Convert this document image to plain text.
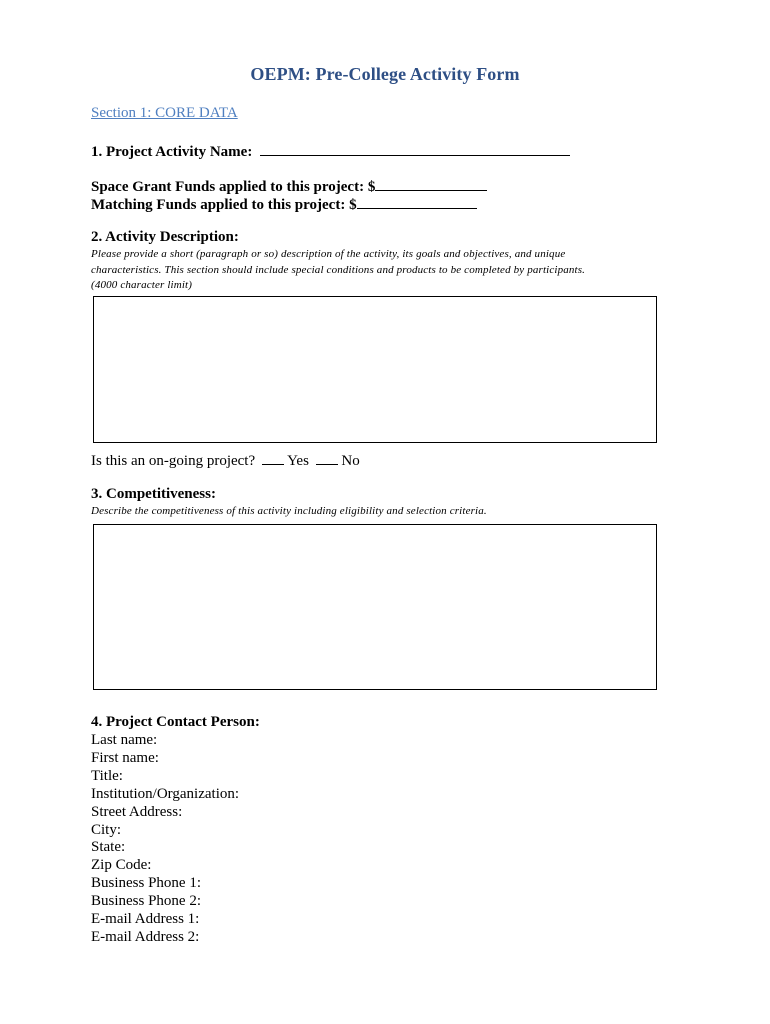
OEPM: Pre-College Activity Form
Section 1: CORE DATA
1. Project Activity Name:
Space Grant Funds applied to this project: $
Matching Funds applied to this project: $
2. Activity Description:
Please provide a short (paragraph or so) description of the activity, its goals and objectives, and unique
characteristics. This section should include special conditions and products to be completed by participants.
(4000 character limit)
Is this an on-going project? Yes No
3. Competitiveness:
Describe the competitiveness of this activity including eligibility and selection criteria.
4. Project Contact Person:
Last name:
First name:
Title:
Institution/Organization:
Street Address:
City:
State:
Zip Code:
Business Phone 1:
Business Phone 2:
E-mail Address 1:
E-mail Address 2:
